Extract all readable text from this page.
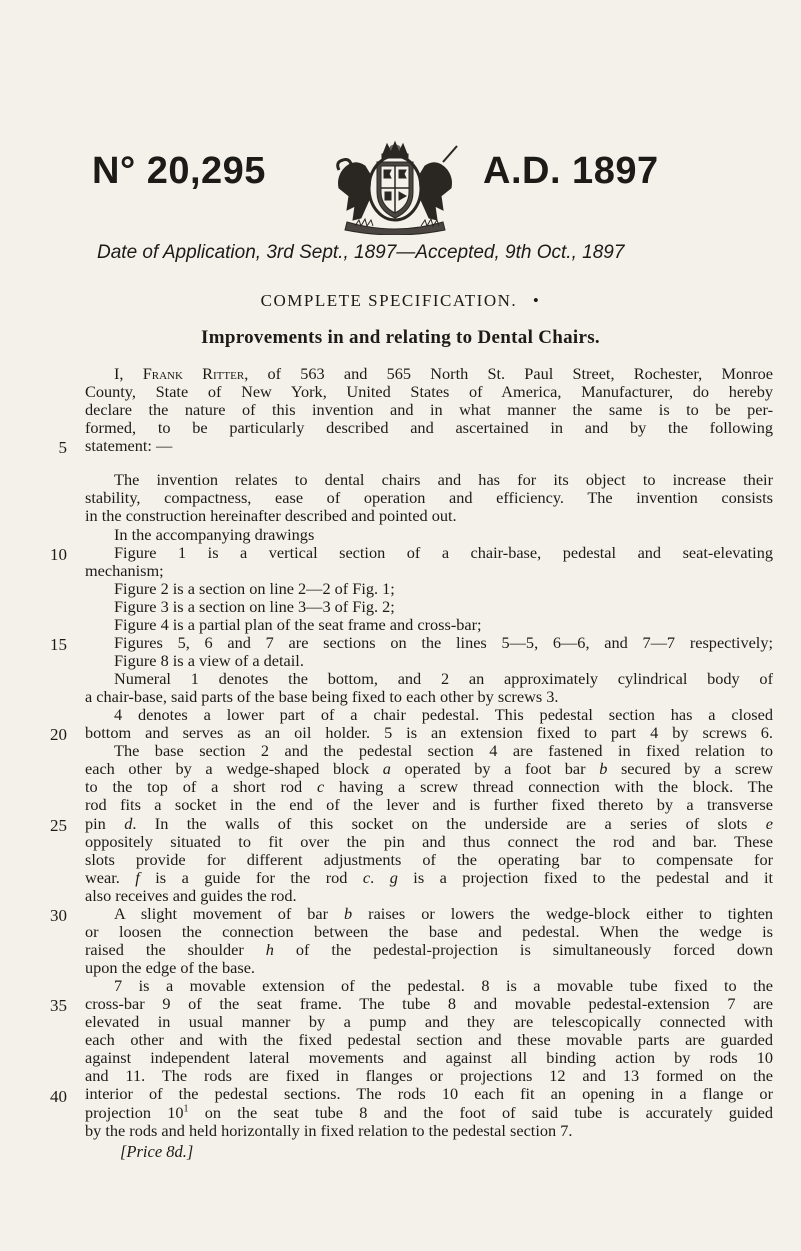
N° 20,295	A.D. 1897
Date of Application, 3rd Sept., 1897—Accepted, 9th Oct., 1897
COMPLETE SPECIFICATION. •
Improvements in and relating to Dental Chairs.
I, Frank Ritter, of 563 and 565 North St. Paul Street, Rochester, Monroe
County, State of New York, United States of America, Manufacturer, do hereby
declare the nature of this invention and in what manner the same is to be per-
formed, to be particularly described and ascertained in and by the following
statement: —
The invention relates to dental chairs and has for its object to increase their
stability, compactness, ease of operation and efficiency. The invention consists
in the construction hereinafter described and pointed out.
In the accompanying drawings
Figure 1 is a vertical section of a chair-base, pedestal and seat-elevating
mechanism;
Figure 2 is a section on line 2—2 of Fig. 1;
Figure 3 is a section on line 3—3 of Fig. 2;
Figure 4 is a partial plan of the seat frame and cross-bar;
Figures 5, 6 and 7 are sections on the lines 5—5, 6—6, and 7—7 respectively;
Figure 8 is a view of a detail.
Numeral 1 denotes the bottom, and 2 an approximately cylindrical body of
a chair-base, said parts of the base being fixed to each other by screws 3.
4 denotes a lower part of a chair pedestal. This pedestal section has a closed
bottom and serves as an oil holder. 5 is an extension fixed to part 4 by screws 6.
The base section 2 and the pedestal section 4 are fastened in fixed relation to
each other by a wedge-shaped block a operated by a foot bar b secured by a screw
to the top of a short rod c having a screw thread connection with the block. The
rod fits a socket in the end of the lever and is further fixed thereto by a transverse
pin d. In the walls of this socket on the underside are a series of slots e
oppositely situated to fit over the pin and thus connect the rod and bar. These
slots provide for different adjustments of the operating bar to compensate for
wear. f is a guide for the rod c. g is a projection fixed to the pedestal and it
also receives and guides the rod.
A slight movement of bar b raises or lowers the wedge-block either to tighten
or loosen the connection between the base and pedestal. When the wedge is
raised the shoulder h of the pedestal-projection is simultaneously forced down
upon the edge of the base.
7 is a movable extension of the pedestal. 8 is a movable tube fixed to the
cross-bar 9 of the seat frame. The tube 8 and movable pedestal-extension 7 are
elevated in usual manner by a pump and they are telescopically connected with
each other and with the fixed pedestal section and these movable parts are guarded
against independent lateral movements and against all binding action by rods 10
and 11. The rods are fixed in flanges or projections 12 and 13 formed on the
interior of the pedestal sections. The rods 10 each fit an opening in a flange or
projection $10^1$ on the seat tube 8 and the foot of said tube is accurately guided
by the rods and held horizontally in fixed relation to the pedestal section 7.
5
10
15
20
25
30
35
40
[Price 8d.]
